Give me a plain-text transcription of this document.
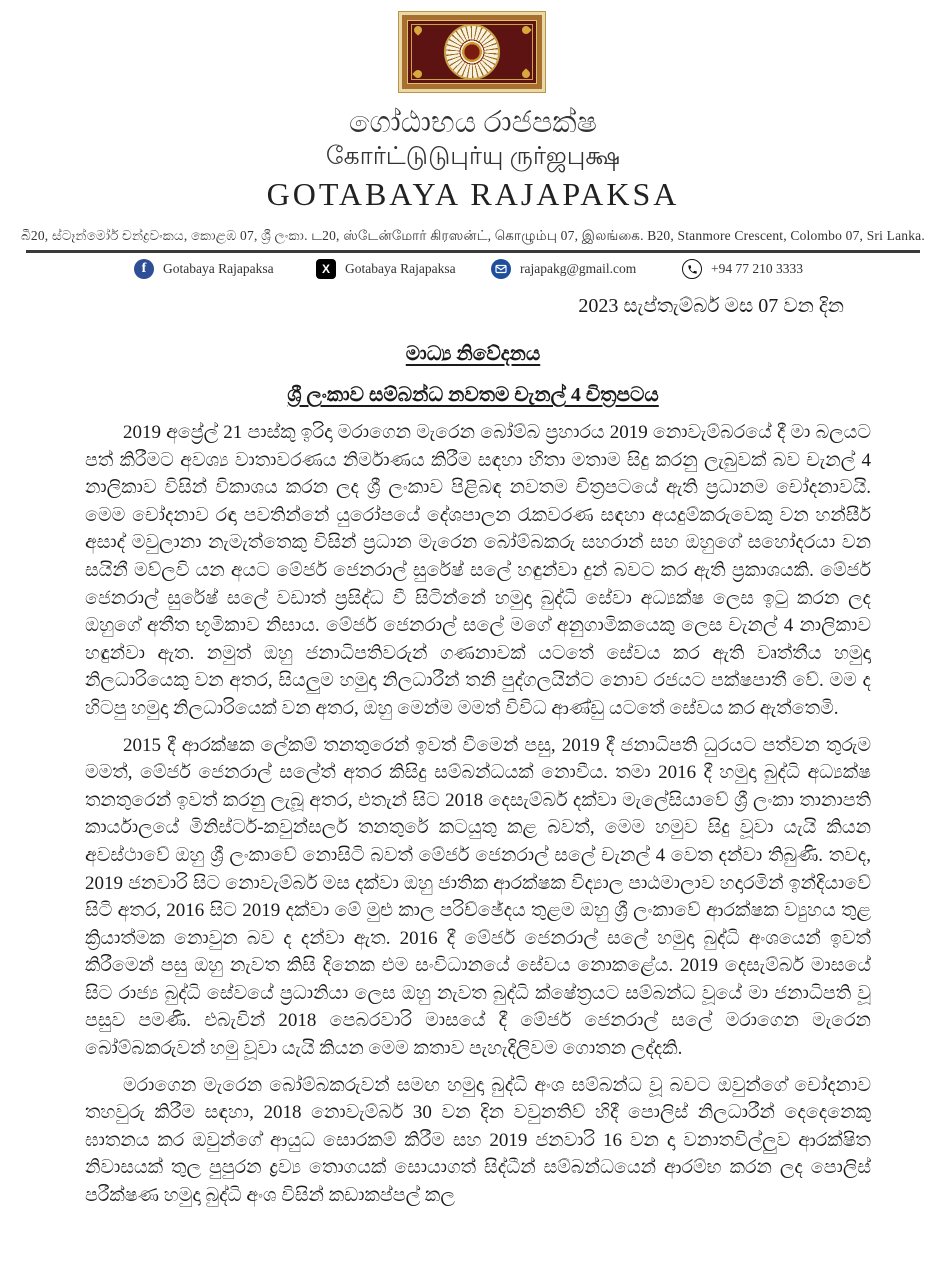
ගෝඨාභය රාජපක්ෂ
கோர்ட்டுடுபுர்யு ருர்ஜபுக்ஷ
GOTABAYA RAJAPAKSA
බී20, ස්ටෑන්මෝර් චන්ද්‍රවංකය, කොළඹ 07, ශ්‍රී ලංකා. ட20, ஸ்டேன்மோர் கிரஸன்ட், கொழும்பு 07, இலங்கை. B20, Stanmore Crescent, Colombo 07, Sri Lanka.
f	Gotabaya Rajapaksa	X	Gotabaya Rajapaksa	rajapakg@gmail.com	+94 77 210 3333
2023 සැප්තැම්බර් මස 07 වන දින
මාධ්‍ය නිවේදනය
ශ්‍රී ලංකාව සම්බන්ධ නවතම චැනල් 4 චිත්‍රපටය

2019 අප්‍රේල් 21 පාස්කු ඉරිදා මරාගෙන මැරෙන බෝම්බ ප්‍රහාරය 2019 නොවැම්බරයේ දී මා බලයට පත් කිරීමට අවශ්‍ය වාතාවරණය නිර්මාණය කිරීම සඳහා හිතා මතාම සිදු කරනු ලැබුවක් බව චැනල් 4 නාලිකාව විසින් විකාශය කරන ලද ශ්‍රී ලංකාව පිළිබඳ නවතම චිත්‍රපටයේ ඇති ප්‍රධානම චෝදනාවයි. මෙම චෝදනාව රඳා පවතින්නේ යුරෝපයේ දේශපාලන රැකවරණ සඳහා අයදුම්කරුවෙකු වන හන්සීර් අසාද් මවුලානා නැමැත්තෙකු විසින් ප්‍රධාන මැරෙන බෝම්බකරු සහරාන් සහ ඔහුගේ සහෝදරයා වන සයිනී මව්ලවි යන අයට මේජර් ජෙනරාල් සුරේෂ් සලේ හඳුන්වා දුන් බවට කර ඇති ප්‍රකාශයකි. මේජර් ජෙනරාල් සුරේෂ් සලේ වඩාත් ප්‍රසිද්ධ වී සිටින්නේ හමුදා බුද්ධි සේවා අධ්‍යක්ෂ ලෙස ඉටු කරන ලද ඔහුගේ අතීත භූමිකාව නිසාය. මේජර් ජෙනරාල් සලේ මගේ අනුගාමිකයෙකු ලෙස චැනල් 4 නාලිකාව හඳුන්වා ඇත. නමුත් ඔහු ජනාධිපතිවරුන් ගණනාවක් යටතේ සේවය කර ඇති වෘත්තීය හමුදා නිලධාරියෙකු වන අතර, සියලුම හමුදා නිලධාරීන් තනි පුද්ගලයින්ට නොව රජයට පක්ෂපාතී වේ. මම ද හිටපු හමුදා නිලධාරියෙක් වන අතර, ඔහු මෙන්ම මමත් විවිධ ආණ්ඩු යටතේ සේවය කර ඇත්තෙමි.

2015 දී ආරක්ෂක ලේකම් තනතුරෙන් ඉවත් වීමෙන් පසු, 2019 දී ජනාධිපති ධුරයට පත්වන තුරුම මමත්, මේජර් ජෙනරාල් සලේත් අතර කිසිදු සම්බන්ධයක් නොවීය. තමා 2016 දී හමුදා බුද්ධි අධ්‍යක්ෂ තනතුරෙන් ඉවත් කරනු ලැබූ අතර, එතැන් සිට 2018 දෙසැම්බර් දක්වා මැලේසියාවේ ශ්‍රී ලංකා තානාපති කාර්යාලයේ මිනිස්ටර්-කවුන්සලර් තනතුරේ කටයුතු කළ බවත්, මෙම හමුව සිදු වූවා යැයි කියන අවස්ථාවේ ඔහු ශ්‍රී ලංකාවේ නොසිටි බවත් මේජර් ජෙනරාල් සලේ චැනල් 4 වෙත දන්වා තිබුණි. තවද, 2019 ජනවාරි සිට නොවැම්බර් මස දක්වා ඔහු ජාතික ආරක්ෂක විද්‍යාල පාඨමාලාව හදාරමින් ඉන්දියාවේ සිටි අතර, 2016 සිට 2019 දක්වා මේ මුළු කාල පරිච්ඡේදය තුළම ඔහු ශ්‍රී ලංකාවේ ආරක්ෂක ව්‍යුහය තුළ ක්‍රියාත්මක නොවුන බව ද දන්වා ඇත. 2016 දී මේජර් ජෙනරාල් සලේ හමුදා බුද්ධි අංශයෙන් ඉවත් කිරීමෙන් පසු ඔහු නැවත කිසි දිනෙක එම සංවිධානයේ සේවය නොකළේය. 2019 දෙසැම්බර් මාසයේ සිට රාජ්‍ය බුද්ධි සේවයේ ප්‍රධානියා ලෙස ඔහු නැවත බුද්ධි ක්ෂේත්‍රයට සම්බන්ධ වූයේ මා ජනාධිපති වූ පසුව පමණි. එබැවින් 2018 පෙබරවාරි මාසයේ දී මේජර් ජෙනරාල් සලේ මරාගෙන මැරෙන බෝම්බකරුවන් හමු වූවා යැයි කියන මෙම කතාව පැහැදිලිවම ගොතන ලද්දකි.

මරාගෙන මැරෙන බෝම්බකරුවන් සමඟ හමුදා බුද්ධි අංශ සම්බන්ධ වූ බවට ඔවුන්ගේ චෝදනාව තහවුරු කිරීම සඳහා, 2018 නොවැම්බර් 30 වන දින වවුනතිව් හිදී පොලිස් නිලධාරීන් දෙදෙනෙකු ඝාතනය කර ඔවුන්ගේ ආයුධ සොරකම් කිරීම සහ 2019 ජනවාරි 16 වන දා වනාතවිල්ලුව ආරක්ෂිත නිවාසයක් තුල පුපුරන ද්‍රව්‍ය තොගයක් සොයාගත් සිද්ධීන් සම්බන්ධයෙන් ආරම්භ කරන ලද පොලිස් පරීක්ෂණ හමුදා බුද්ධි අංශ විසින් කඩාකප්පල් කල
